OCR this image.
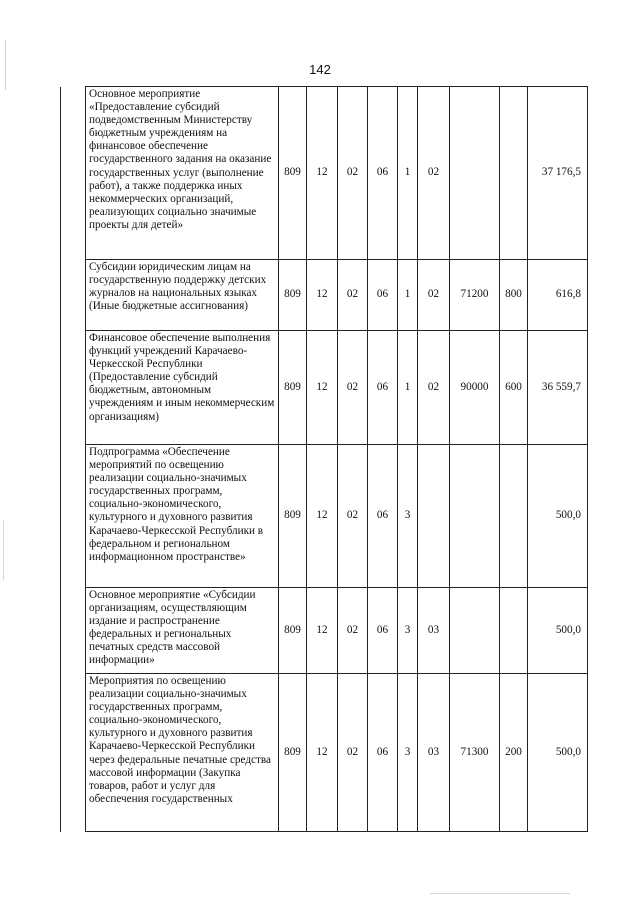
142
	Основное мероприятие «Предоставление субсидий подведомственным Министерству бюджетным учреждениям на финансовое обеспечение государственного задания на оказание государственных услуг (выполнение работ), а также поддержка иных некоммерческих организаций, реализующих социально значимые проекты для детей»	809	12	02	06	1	02			37 176,5
	Субсидии юридическим лицам на государственную поддержку детских журналов на национальных языках (Иные бюджетные ассигнования)	809	12	02	06	1	02	71200	800	616,8
	Финансовое обеспечение выполнения функций учреждений Карачаево-Черкесской Республики (Предоставление субсидий бюджетным, автономным учреждениям и иным некоммерческим организациям)	809	12	02	06	1	02	90000	600	36 559,7
	Подпрограмма «Обеспечение мероприятий по освещению реализации социально-значимых государственных программ, социально-экономического, культурного и духовного развития Карачаево-Черкесской Республики в федеральном и региональном информационном пространстве»	809	12	02	06	3				500,0
	Основное мероприятие «Субсидии организациям, осуществляющим издание и распространение федеральных и региональных печатных средств массовой информации»	809	12	02	06	3	03			500,0
	Мероприятия по освещению реализации социально-значимых государственных программ, социально-экономического, культурного и духовного развития Карачаево-Черкесской Республики через федеральные печатные средства массовой информации (Закупка товаров, работ и услуг для обеспечения государственных	809	12	02	06	3	03	71300	200	500,0
